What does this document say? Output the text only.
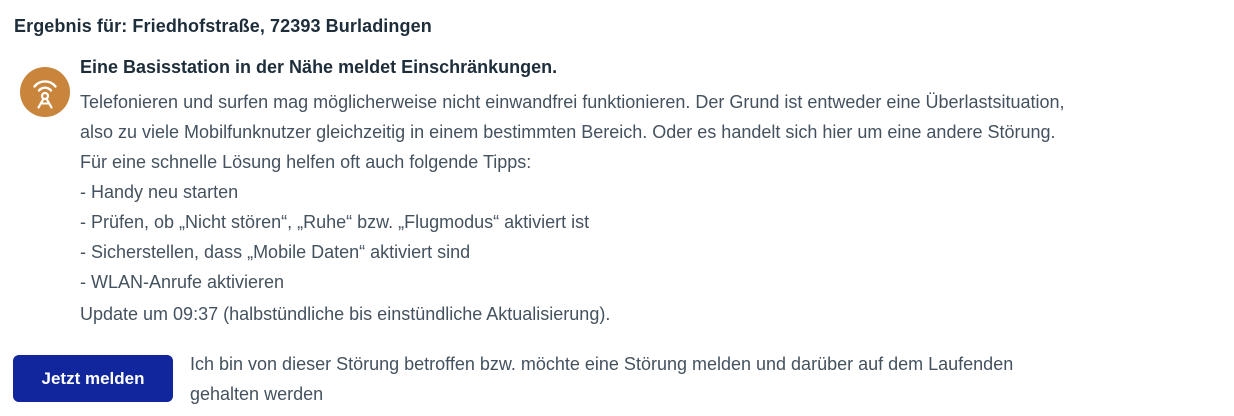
Ergebnis für: Friedhofstraße, 72393 Burladingen
Eine Basisstation in der Nähe meldet Einschränkungen.
Telefonieren und surfen mag möglicherweise nicht einwandfrei funktionieren. Der Grund ist entweder eine Überlastsituation,
also zu viele Mobilfunknutzer gleichzeitig in einem bestimmten Bereich. Oder es handelt sich hier um eine andere Störung.
Für eine schnelle Lösung helfen oft auch folgende Tipps:
- Handy neu starten
- Prüfen, ob „Nicht stören“, „Ruhe“ bzw. „Flugmodus“ aktiviert ist
- Sicherstellen, dass „Mobile Daten“ aktiviert sind
- WLAN-Anrufe aktivieren
Update um 09:37 (halbstündliche bis einstündliche Aktualisierung).
Jetzt melden
Ich bin von dieser Störung betroffen bzw. möchte eine Störung melden und darüber auf dem Laufenden
gehalten werden
